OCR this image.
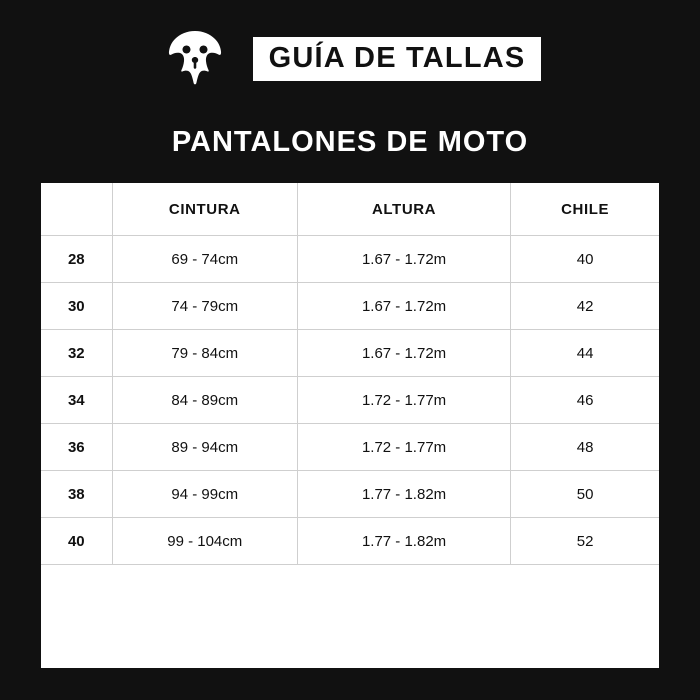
GUÍA DE TALLAS
PANTALONES DE MOTO
	CINTURA	ALTURA	CHILE
28	69 - 74cm	1.67 - 1.72m	40
30	74 - 79cm	1.67 - 1.72m	42
32	79 - 84cm	1.67 - 1.72m	44
34	84 - 89cm	1.72 - 1.77m	46
36	89 - 94cm	1.72 - 1.77m	48
38	94 - 99cm	1.77 - 1.82m	50
40	99 - 104cm	1.77 - 1.82m	52
